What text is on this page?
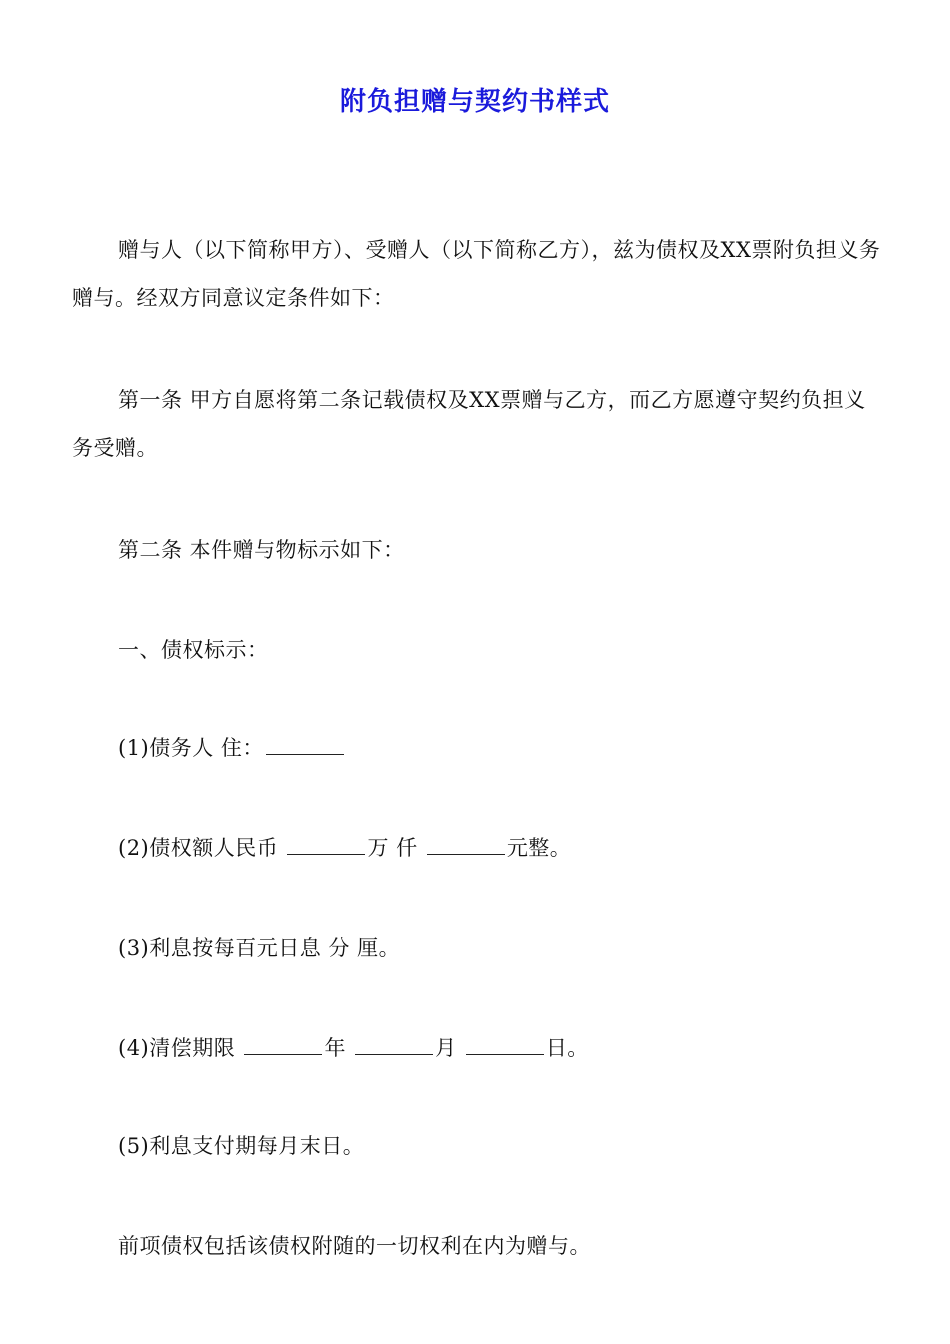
附负担赠与契约书样式
赠与人（以下简称甲方）、受赠人（以下简称乙方），兹为债权及XX票附负担义务赠与。经双方同意议定条件如下：
第一条 甲方自愿将第二条记载债权及XX票赠与乙方，而乙方愿遵守契约负担义务受赠。
第二条 本件赠与物标示如下：
一、债权标示：
(1)债务人 住：
(2)债权额人民币	万 仟	元整。
(3)利息按每百元日息 分 厘。
(4)清偿期限	年	月	日。
(5)利息支付期每月末日。
前项债权包括该债权附随的一切权利在内为赠与。
